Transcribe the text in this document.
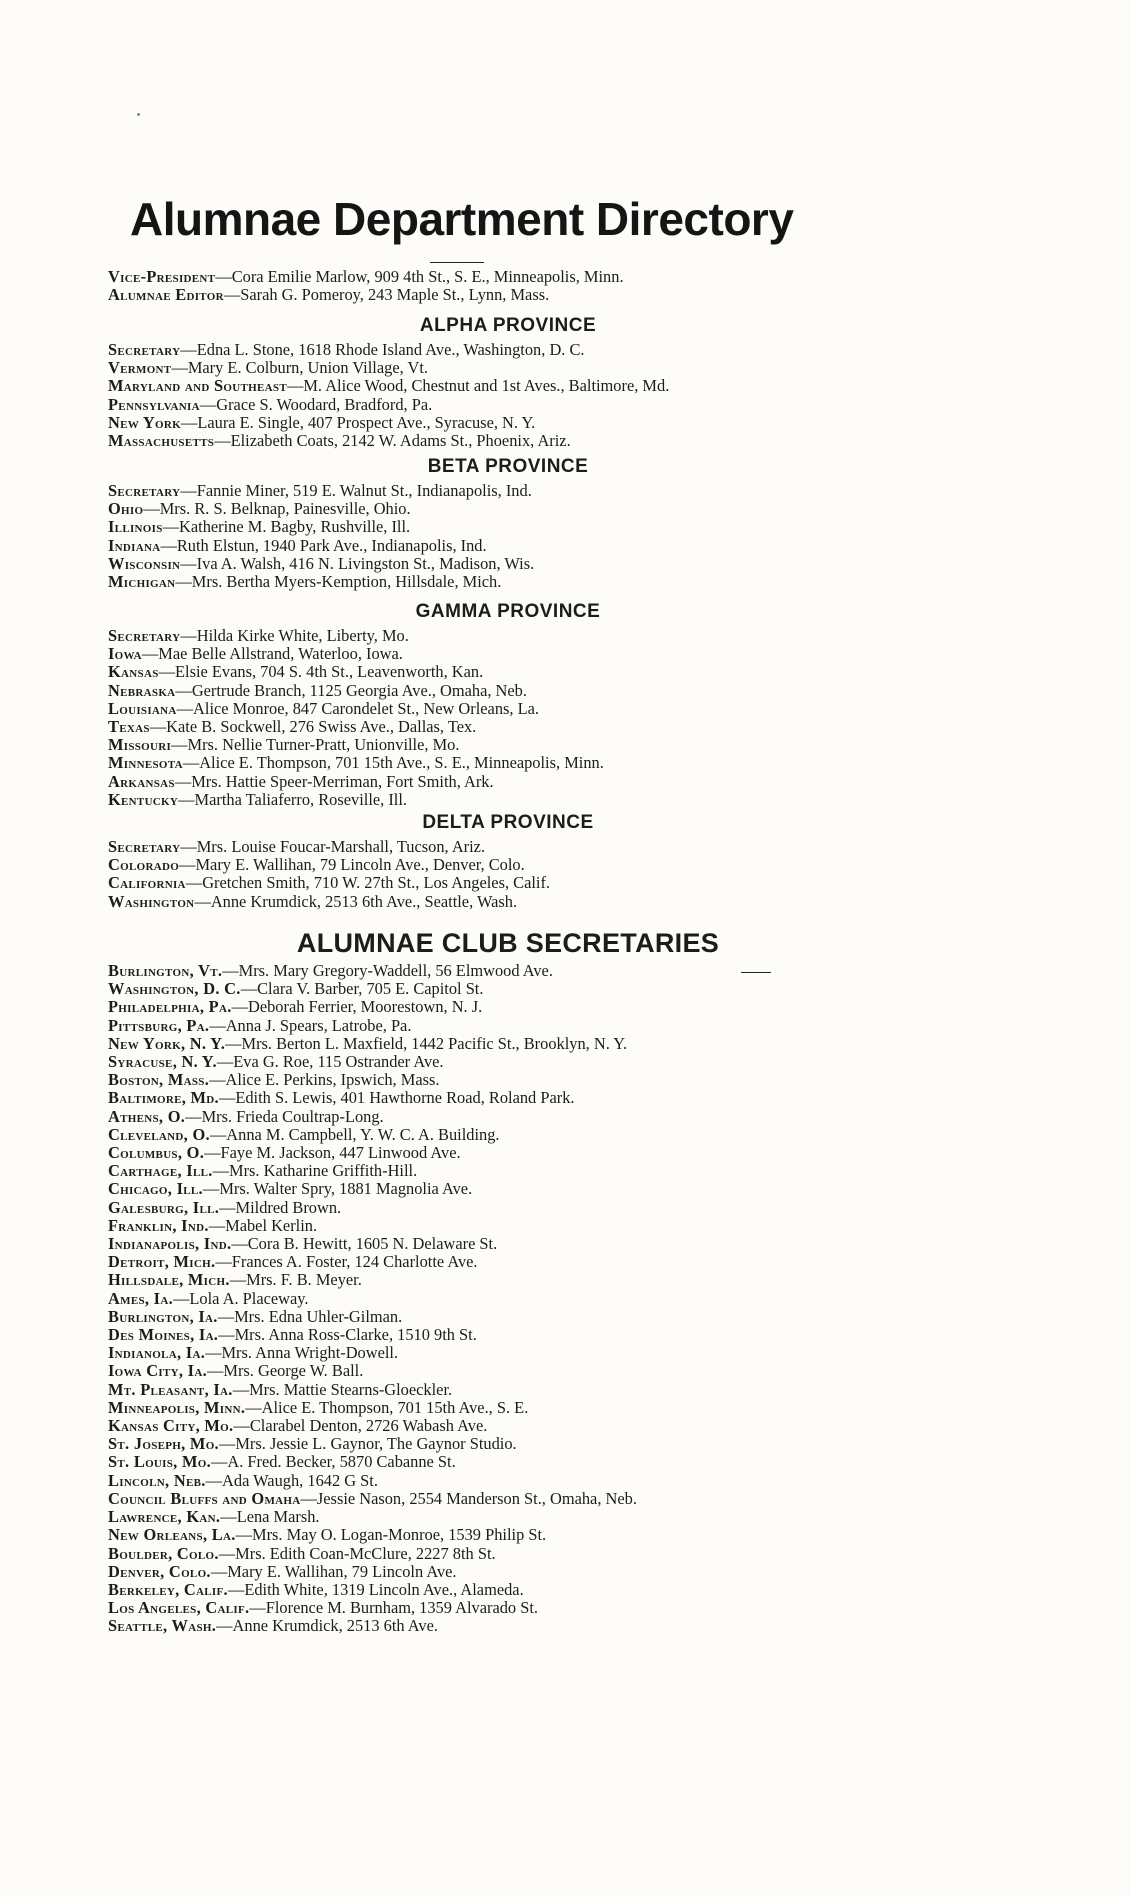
Alumnae Department Directory
Vice-President—Cora Emilie Marlow, 909 4th St., S. E., Minneapolis, Minn.
Alumnae Editor—Sarah G. Pomeroy, 243 Maple St., Lynn, Mass.
ALPHA PROVINCE
Secretary—Edna L. Stone, 1618 Rhode Island Ave., Washington, D. C.
Vermont—Mary E. Colburn, Union Village, Vt.
Maryland and Southeast—M. Alice Wood, Chestnut and 1st Aves., Baltimore, Md.
Pennsylvania—Grace S. Woodard, Bradford, Pa.
New York—Laura E. Single, 407 Prospect Ave., Syracuse, N. Y.
Massachusetts—Elizabeth Coats, 2142 W. Adams St., Phoenix, Ariz.
BETA PROVINCE
Secretary—Fannie Miner, 519 E. Walnut St., Indianapolis, Ind.
Ohio—Mrs. R. S. Belknap, Painesville, Ohio.
Illinois—Katherine M. Bagby, Rushville, Ill.
Indiana—Ruth Elstun, 1940 Park Ave., Indianapolis, Ind.
Wisconsin—Iva A. Walsh, 416 N. Livingston St., Madison, Wis.
Michigan—Mrs. Bertha Myers-Kemption, Hillsdale, Mich.
GAMMA PROVINCE
Secretary—Hilda Kirke White, Liberty, Mo.
Iowa—Mae Belle Allstrand, Waterloo, Iowa.
Kansas—Elsie Evans, 704 S. 4th St., Leavenworth, Kan.
Nebraska—Gertrude Branch, 1125 Georgia Ave., Omaha, Neb.
Louisiana—Alice Monroe, 847 Carondelet St., New Orleans, La.
Texas—Kate B. Sockwell, 276 Swiss Ave., Dallas, Tex.
Missouri—Mrs. Nellie Turner-Pratt, Unionville, Mo.
Minnesota—Alice E. Thompson, 701 15th Ave., S. E., Minneapolis, Minn.
Arkansas—Mrs. Hattie Speer-Merriman, Fort Smith, Ark.
Kentucky—Martha Taliaferro, Roseville, Ill.
DELTA PROVINCE
Secretary—Mrs. Louise Foucar-Marshall, Tucson, Ariz.
Colorado—Mary E. Wallihan, 79 Lincoln Ave., Denver, Colo.
California—Gretchen Smith, 710 W. 27th St., Los Angeles, Calif.
Washington—Anne Krumdick, 2513 6th Ave., Seattle, Wash.
ALUMNAE CLUB SECRETARIES
Burlington, Vt.—Mrs. Mary Gregory-Waddell, 56 Elmwood Ave.
Washington, D. C.—Clara V. Barber, 705 E. Capitol St.
Philadelphia, Pa.—Deborah Ferrier, Moorestown, N. J.
Pittsburg, Pa.—Anna J. Spears, Latrobe, Pa.
New York, N. Y.—Mrs. Berton L. Maxfield, 1442 Pacific St., Brooklyn, N. Y.
Syracuse, N. Y.—Eva G. Roe, 115 Ostrander Ave.
Boston, Mass.—Alice E. Perkins, Ipswich, Mass.
Baltimore, Md.—Edith S. Lewis, 401 Hawthorne Road, Roland Park.
Athens, O.—Mrs. Frieda Coultrap-Long.
Cleveland, O.—Anna M. Campbell, Y. W. C. A. Building.
Columbus, O.—Faye M. Jackson, 447 Linwood Ave.
Carthage, Ill.—Mrs. Katharine Griffith-Hill.
Chicago, Ill.—Mrs. Walter Spry, 1881 Magnolia Ave.
Galesburg, Ill.—Mildred Brown.
Franklin, Ind.—Mabel Kerlin.
Indianapolis, Ind.—Cora B. Hewitt, 1605 N. Delaware St.
Detroit, Mich.—Frances A. Foster, 124 Charlotte Ave.
Hillsdale, Mich.—Mrs. F. B. Meyer.
Ames, Ia.—Lola A. Placeway.
Burlington, Ia.—Mrs. Edna Uhler-Gilman.
Des Moines, Ia.—Mrs. Anna Ross-Clarke, 1510 9th St.
Indianola, Ia.—Mrs. Anna Wright-Dowell.
Iowa City, Ia.—Mrs. George W. Ball.
Mt. Pleasant, Ia.—Mrs. Mattie Stearns-Gloeckler.
Minneapolis, Minn.—Alice E. Thompson, 701 15th Ave., S. E.
Kansas City, Mo.—Clarabel Denton, 2726 Wabash Ave.
St. Joseph, Mo.—Mrs. Jessie L. Gaynor, The Gaynor Studio.
St. Louis, Mo.—A. Fred. Becker, 5870 Cabanne St.
Lincoln, Neb.—Ada Waugh, 1642 G St.
Council Bluffs and Omaha—Jessie Nason, 2554 Manderson St., Omaha, Neb.
Lawrence, Kan.—Lena Marsh.
New Orleans, La.—Mrs. May O. Logan-Monroe, 1539 Philip St.
Boulder, Colo.—Mrs. Edith Coan-McClure, 2227 8th St.
Denver, Colo.—Mary E. Wallihan, 79 Lincoln Ave.
Berkeley, Calif.—Edith White, 1319 Lincoln Ave., Alameda.
Los Angeles, Calif.—Florence M. Burnham, 1359 Alvarado St.
Seattle, Wash.—Anne Krumdick, 2513 6th Ave.
